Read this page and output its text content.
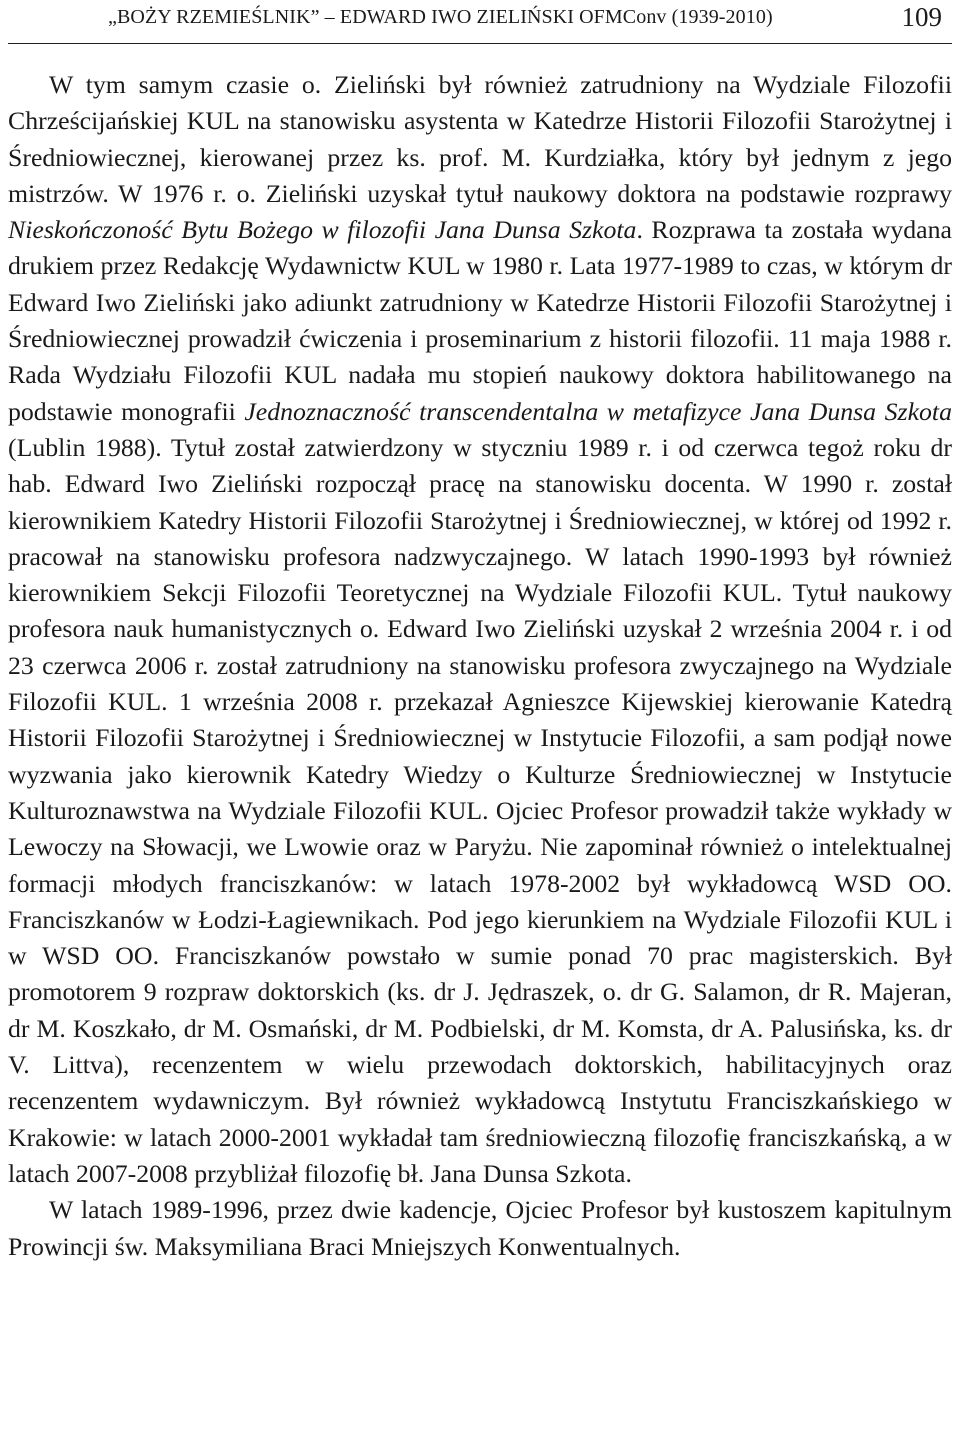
„BOŻY RZEMIEŚLNIK” – EDWARD IWO ZIELIŃSKI OFMConv (1939-2010)	109

W tym samym czasie o. Zieliński był również zatrudniony na Wydziale Filozofii Chrześcijańskiej KUL na stanowisku asystenta w Katedrze Historii Filozofii Starożytnej i Średniowiecznej, kierowanej przez ks. prof. M. Kurdziałka, który był jednym z jego mistrzów. W 1976 r. o. Zieliński uzyskał tytuł naukowy doktora na podstawie rozprawy Nieskończoność Bytu Bożego w filozofii Jana Dunsa Szkota. Rozprawa ta została wydana drukiem przez Redakcję Wydawnictw KUL w 1980 r. Lata 1977-1989 to czas, w którym dr Edward Iwo Zieliński jako adiunkt zatrudniony w Katedrze Historii Filozofii Starożytnej i Średniowiecznej prowadził ćwiczenia i proseminarium z historii filozofii. 11 maja 1988 r. Rada Wydziału Filozofii KUL nadała mu stopień naukowy doktora habilitowanego na podstawie monografii Jednoznaczność transcendentalna w metafizyce Jana Dunsa Szkota (Lublin 1988). Tytuł został zatwierdzony w styczniu 1989 r. i od czerwca tegoż roku dr hab. Edward Iwo Zieliński rozpoczął pracę na stanowisku docenta. W 1990 r. został kierownikiem Katedry Historii Filozofii Starożytnej i Średniowiecznej, w której od 1992 r. pracował na stanowisku profesora nadzwyczajnego. W latach 1990-1993 był również kierownikiem Sekcji Filozofii Teoretycznej na Wydziale Filozofii KUL. Tytuł naukowy profesora nauk humanistycznych o. Edward Iwo Zieliński uzyskał 2 września 2004 r. i od 23 czerwca 2006 r. został zatrudniony na stanowisku profesora zwyczajnego na Wydziale Filozofii KUL. 1 września 2008 r. przekazał Agnieszce Kijewskiej kierowanie Katedrą Historii Filozofii Starożytnej i Średniowiecznej w Instytucie Filozofii, a sam podjął nowe wyzwania jako kierownik Katedry Wiedzy o Kulturze Średniowiecznej w Instytucie Kulturoznawstwa na Wydziale Filozofii KUL. Ojciec Profesor prowadził także wykłady w Lewoczy na Słowacji, we Lwowie oraz w Paryżu. Nie zapominał również o intelektualnej formacji młodych franciszkanów: w latach 1978-2002 był wykładowcą WSD OO. Franciszkanów w Łodzi-Łagiewnikach. Pod jego kierunkiem na Wydziale Filozofii KUL i w WSD OO. Franciszkanów powstało w sumie ponad 70 prac magisterskich. Był promotorem 9 rozpraw doktorskich (ks. dr J. Jędraszek, o. dr G. Salamon, dr R. Majeran, dr M. Koszkało, dr M. Osmański, dr M. Podbielski, dr M. Komsta, dr A. Palusińska, ks. dr V. Littva), recenzentem w wielu przewodach doktorskich, habilitacyjnych oraz recenzentem wydawniczym. Był również wykładowcą Instytutu Franciszkańskiego w Krakowie: w latach 2000-2001 wykładał tam średniowieczną filozofię franciszkańską, a w latach 2007-2008 przybliżał filozofię bł. Jana Dunsa Szkota.

W latach 1989-1996, przez dwie kadencje, Ojciec Profesor był kustoszem kapitulnym Prowincji św. Maksymiliana Braci Mniejszych Konwentualnych.
